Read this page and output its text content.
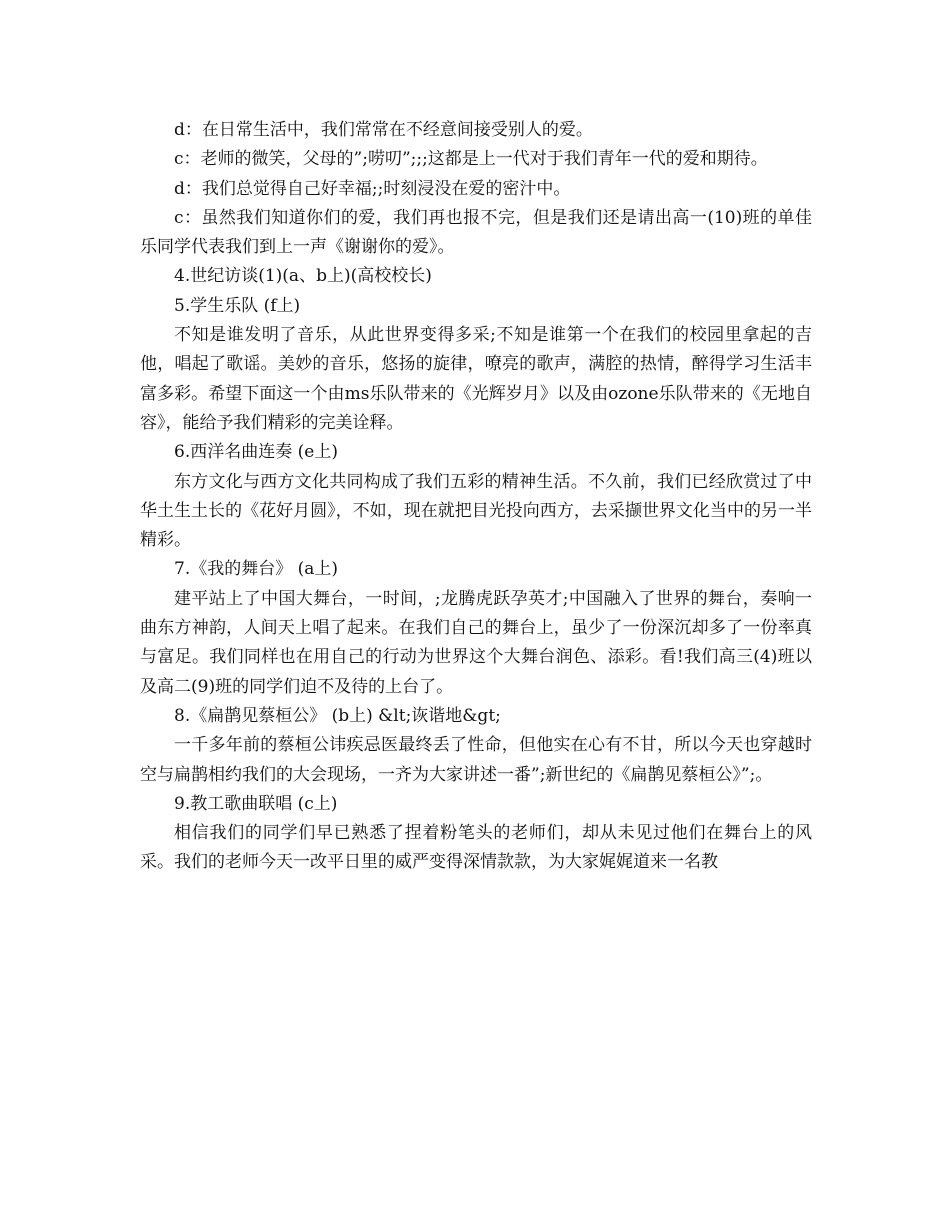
d：在日常生活中，我们常常在不经意间接受别人的爱。

c：老师的微笑，父母的”;唠叨”;;;这都是上一代对于我们青年一代的爱和期待。

d：我们总觉得自己好幸福;;时刻浸没在爱的密汁中。

c：虽然我们知道你们的爱，我们再也报不完，但是我们还是请出高一(10)班的单佳乐同学代表我们到上一声《谢谢你的爱》。

4.世纪访谈(1)(a、b上)(高校校长)

5.学生乐队 (f上)

不知是谁发明了音乐，从此世界变得多采;不知是谁第一个在我们的校园里拿起的吉他，唱起了歌谣。美妙的音乐，悠扬的旋律，嘹亮的歌声，满腔的热情，醉得学习生活丰富多彩。希望下面这一个由ms乐队带来的《光辉岁月》以及由ozone乐队带来的《无地自容》，能给予我们精彩的完美诠释。

6.西洋名曲连奏 (e上)

东方文化与西方文化共同构成了我们五彩的精神生活。不久前，我们已经欣赏过了中华土生土长的《花好月圆》，不如，现在就把目光投向西方，去采撷世界文化当中的另一半精彩。

7.《我的舞台》 (a上)

建平站上了中国大舞台，一时间，;龙腾虎跃孕英才;中国融入了世界的舞台，奏响一曲东方神韵，人间天上唱了起来。在我们自己的舞台上，虽少了一份深沉却多了一份率真与富足。我们同样也在用自己的行动为世界这个大舞台润色、添彩。看!我们高三(4)班以及高二(9)班的同学们迫不及待的上台了。

8.《扁鹊见蔡桓公》 (b上) &lt;诙谐地&gt;

一千多年前的蔡桓公讳疾忌医最终丢了性命，但他实在心有不甘，所以今天也穿越时空与扁鹊相约我们的大会现场，一齐为大家讲述一番”;新世纪的《扁鹊见蔡桓公》”;。

9.教工歌曲联唱 (c上)

相信我们的同学们早已熟悉了捏着粉笔头的老师们，却从未见过他们在舞台上的风采。我们的老师今天一改平日里的威严变得深情款款，为大家娓娓道来一名教
